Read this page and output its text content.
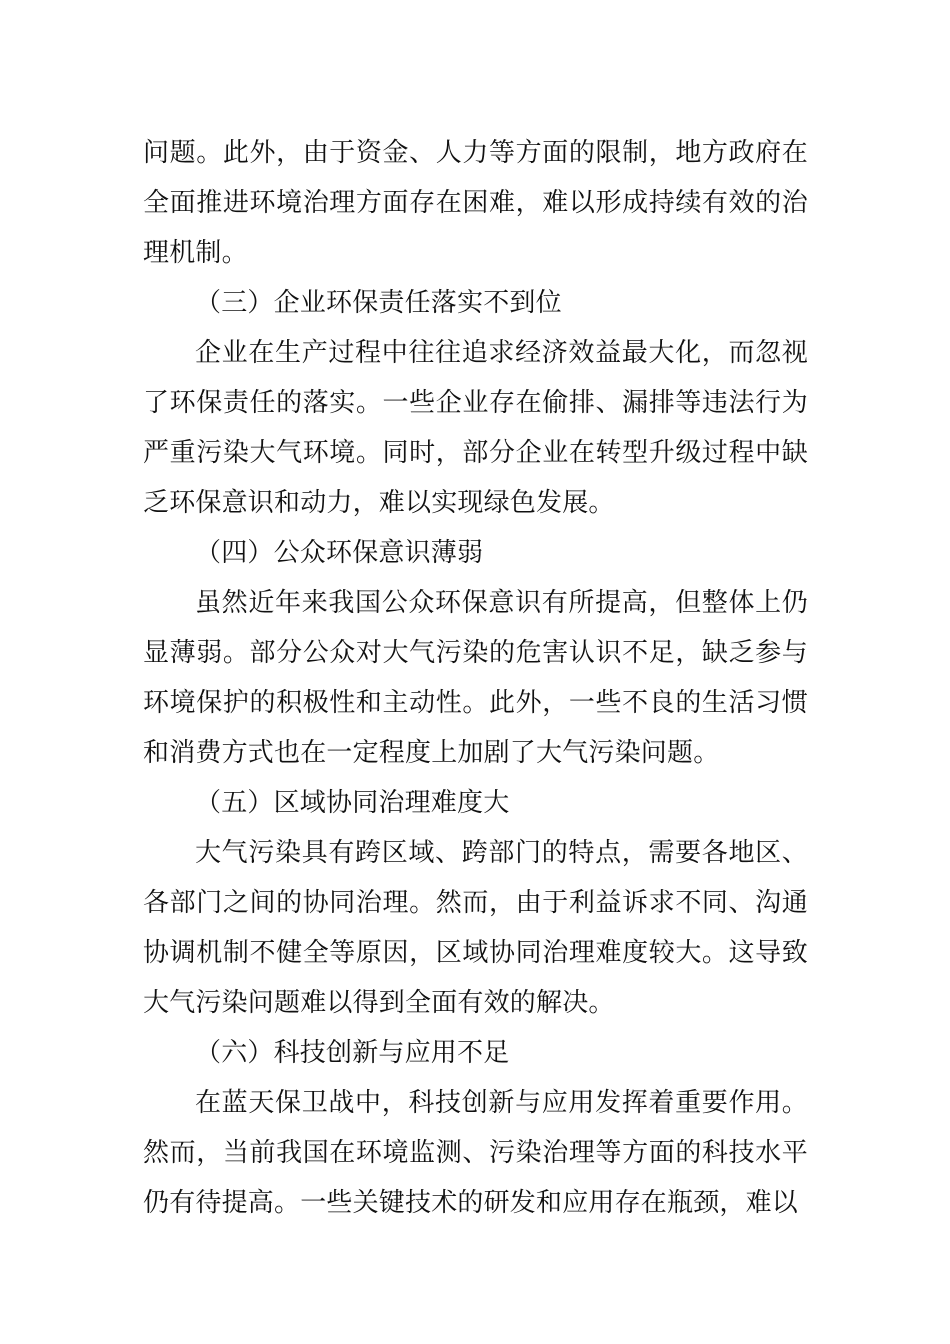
问题。此外，由于资金、人力等方面的限制，地方政府在全面推进环境治理方面存在困难，难以形成持续有效的治理机制。

（三）企业环保责任落实不到位

企业在生产过程中往往追求经济效益最大化，而忽视了环保责任的落实。一些企业存在偷排、漏排等违法行为严重污染大气环境。同时，部分企业在转型升级过程中缺乏环保意识和动力，难以实现绿色发展。

（四）公众环保意识薄弱

虽然近年来我国公众环保意识有所提高，但整体上仍显薄弱。部分公众对大气污染的危害认识不足，缺乏参与环境保护的积极性和主动性。此外，一些不良的生活习惯和消费方式也在一定程度上加剧了大气污染问题。

（五）区域协同治理难度大

大气污染具有跨区域、跨部门的特点，需要各地区、各部门之间的协同治理。然而，由于利益诉求不同、沟通协调机制不健全等原因，区域协同治理难度较大。这导致大气污染问题难以得到全面有效的解决。

（六）科技创新与应用不足

在蓝天保卫战中，科技创新与应用发挥着重要作用。然而，当前我国在环境监测、污染治理等方面的科技水平仍有待提高。一些关键技术的研发和应用存在瓶颈，难以
